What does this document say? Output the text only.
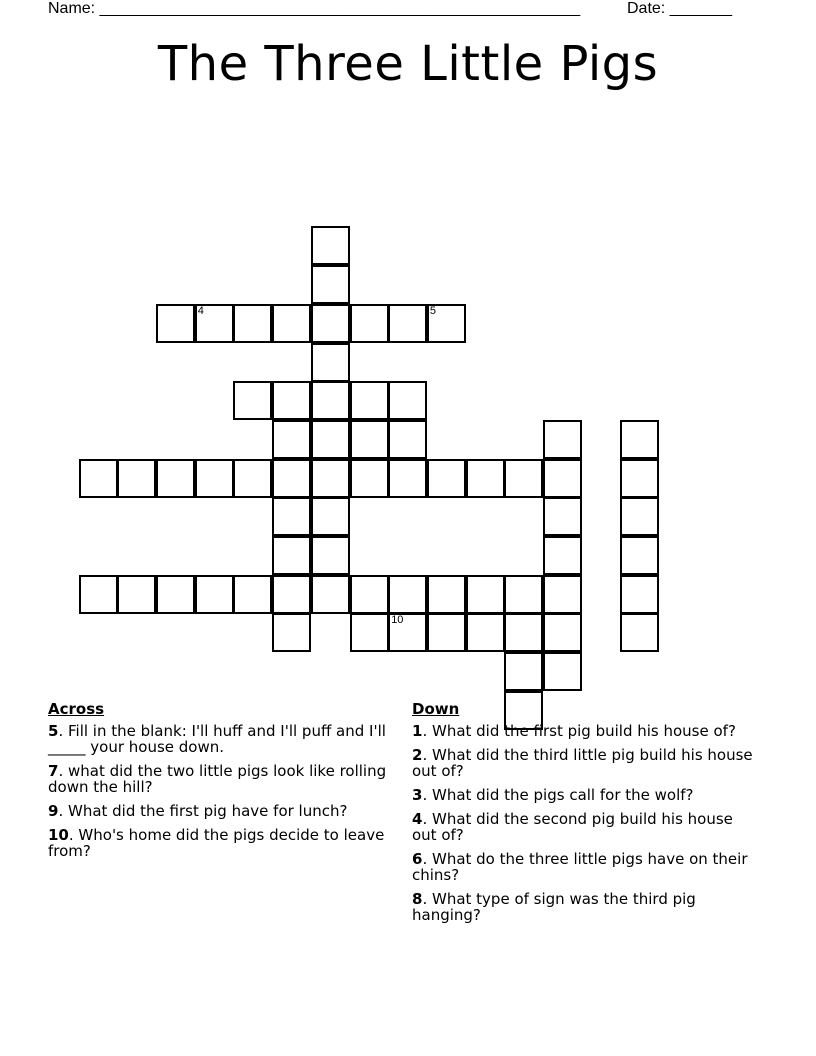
Name: ______________________________________________________	Date: _______
The Three Little Pigs
4	5
10
Across
5. Fill in the blank: I'll huff and I'll puff and I'll _____ your house down.
7. what did the two little pigs look like rolling down the hill?
9. What did the first pig have for lunch?
10. Who's home did the pigs decide to leave from?
Down
1. What did the first pig build his house of?
2. What did the third little pig build his house out of?
3. What did the pigs call for the wolf?
4. What did the second pig build his house out of?
6. What do the three little pigs have on their chins?
8. What type of sign was the third pig hanging?
